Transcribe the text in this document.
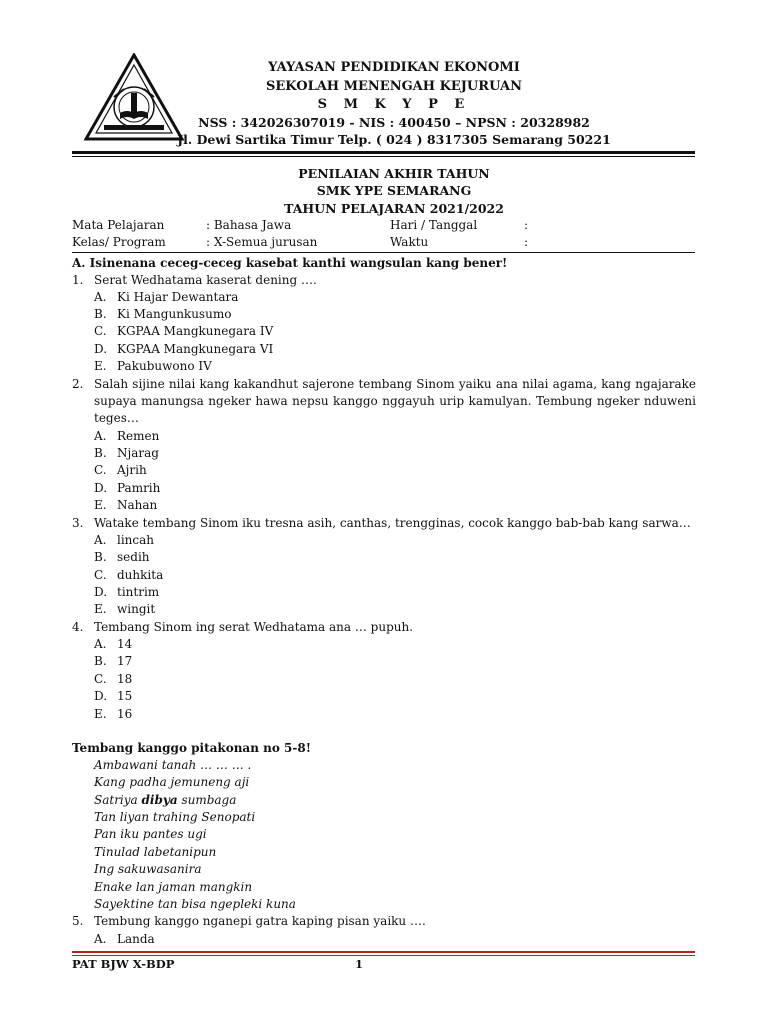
YAYASAN PENDIDIKAN EKONOMI
SEKOLAH MENENGAH KEJURUAN
S M K Y P E
NSS : 342026307019 - NIS : 400450 – NPSN : 20328982
Jl. Dewi Sartika Timur Telp. ( 024 ) 8317305 Semarang 50221
PENILAIAN AKHIR TAHUN
SMK YPE SEMARANG
TAHUN PELAJARAN 2021/2022
Mata Pelajaran	: Bahasa Jawa	Hari / Tanggal	:
Kelas/ Program	: X-Semua jurusan	Waktu	:
A. Isinenana ceceg-ceceg kasebat kanthi wangsulan kang bener!
1. Serat Wedhatama kaserat dening ….
A. Ki Hajar Dewantara
B. Ki Mangunkusumo
C. KGPAA Mangkunegara IV
D. KGPAA Mangkunegara VI
E. Pakubuwono IV
2. Salah sijine nilai kang kakandhut sajerone tembang Sinom yaiku ana nilai agama, kang ngajarake
supaya manungsa ngeker hawa nepsu kanggo nggayuh urip kamulyan. Tembung ngeker nduweni
teges…
A. Remen
B. Njarag
C. Ajrih
D. Pamrih
E. Nahan
3. Watake tembang Sinom iku tresna asih, canthas, trengginas, cocok kanggo bab-bab kang sarwa…
A. lincah
B. sedih
C. duhkita
D. tintrim
E. wingit
4. Tembang Sinom ing serat Wedhatama ana … pupuh.
A. 14
B. 17
C. 18
D. 15
E. 16
Tembang kanggo pitakonan no 5-8!
Ambawani tanah … … … .
Kang padha jemuneng aji
Satriya dibya sumbaga
Tan liyan trahing Senopati
Pan iku pantes ugi
Tinulad labetanipun
Ing sakuwasanira
Enake lan jaman mangkin
Sayektine tan bisa ngepleki kuna
5. Tembung kanggo nganepi gatra kaping pisan yaiku ….
A. Landa
PAT BJW X-BDP	1
